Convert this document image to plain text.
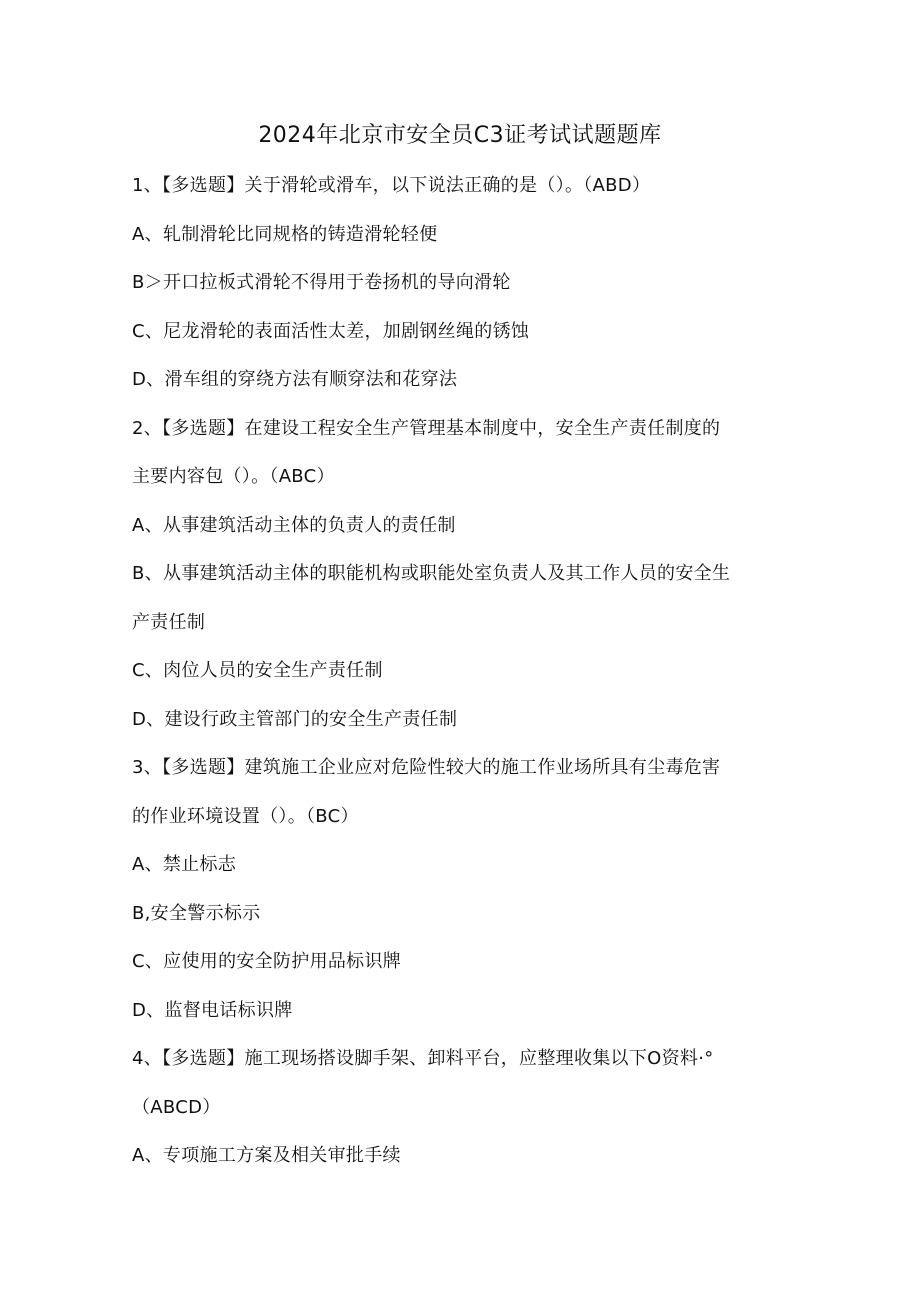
2024年北京市安全员C3证考试试题题库
1、【多选题】关于滑轮或滑车，以下说法正确的是（）。（ABD）
A、轧制滑轮比同规格的铸造滑轮轻便
B＞开口拉板式滑轮不得用于卷扬机的导向滑轮
C、尼龙滑轮的表面活性太差，加剧钢丝绳的锈蚀
D、滑车组的穿绕方法有顺穿法和花穿法
2、【多选题】在建设工程安全生产管理基本制度中，安全生产责任制度的
主要内容包（）。（ABC）
A、从事建筑活动主体的负责人的责任制
B、从事建筑活动主体的职能机构或职能处室负责人及其工作人员的安全生
产责任制
C、肉位人员的安全生产责任制
D、建设行政主管部门的安全生产责任制
3、【多选题】建筑施工企业应对危险性较大的施工作业场所具有尘毒危害
的作业环境设置（）。（BC）
A、禁止标志
B,安全警示标示
C、应使用的安全防护用品标识牌
D、监督电话标识牌
4、【多选题】施工现场搭设脚手架、卸料平台，应整理收集以下O资料·°
（ABCD）
A、专项施工方案及相关审批手续
